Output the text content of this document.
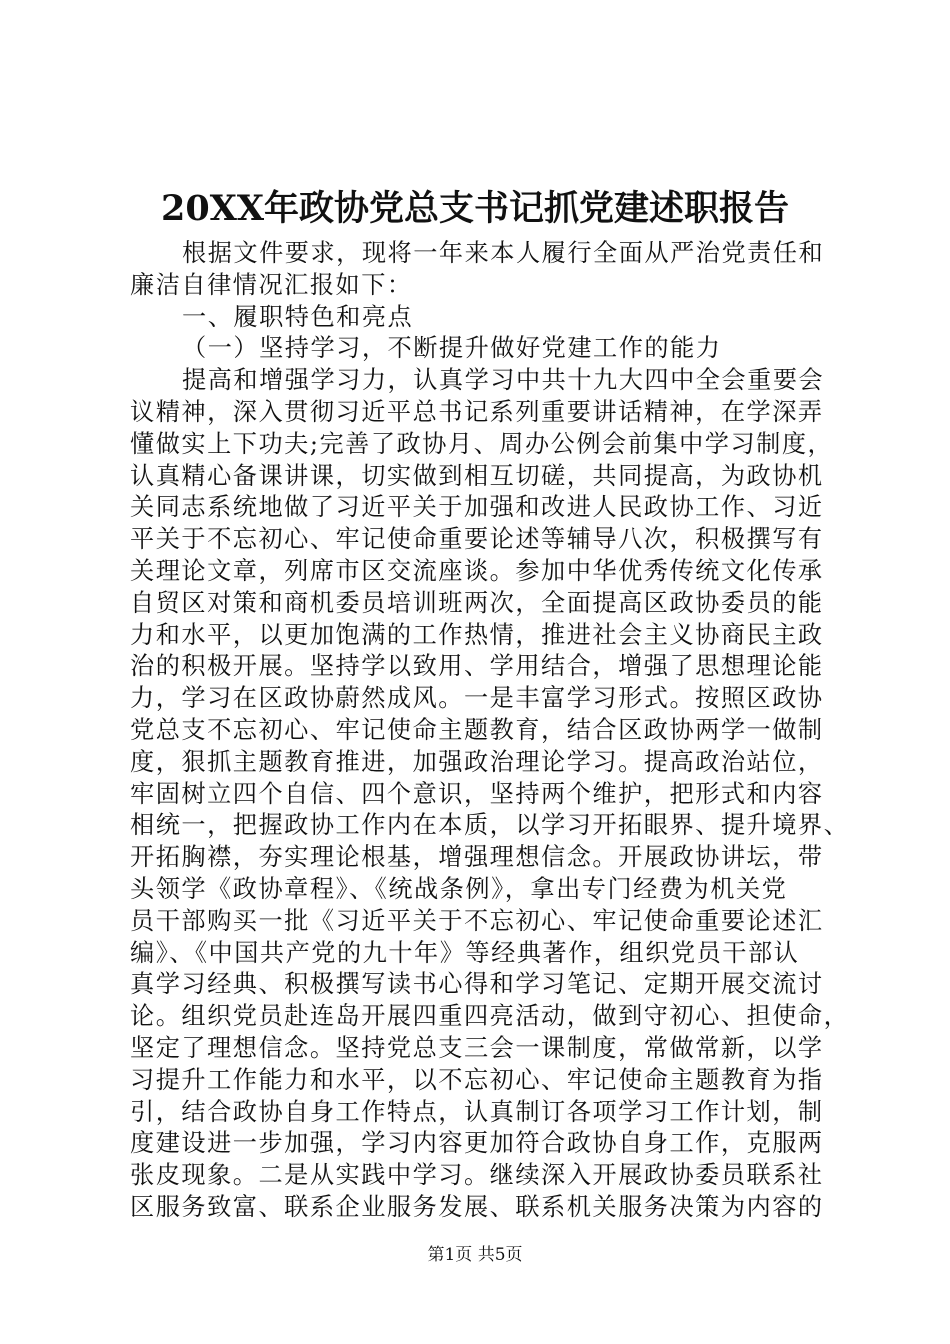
20XX年政协党总支书记抓党建述职报告
根据文件要求，现将一年来本人履行全面从严治党责任和
廉洁自律情况汇报如下：
一、履职特色和亮点
（一）坚持学习，不断提升做好党建工作的能力
提高和增强学习力，认真学习中共十九大四中全会重要会
议精神，深入贯彻习近平总书记系列重要讲话精神，在学深弄
懂做实上下功夫;完善了政协月、周办公例会前集中学习制度，
认真精心备课讲课，切实做到相互切磋，共同提高，为政协机
关同志系统地做了习近平关于加强和改进人民政协工作、习近
平关于不忘初心、牢记使命重要论述等辅导八次，积极撰写有
关理论文章，列席市区交流座谈。参加中华优秀传统文化传承
自贸区对策和商机委员培训班两次，全面提高区政协委员的能
力和水平，以更加饱满的工作热情，推进社会主义协商民主政
治的积极开展。坚持学以致用、学用结合，增强了思想理论能
力，学习在区政协蔚然成风。一是丰富学习形式。按照区政协
党总支不忘初心、牢记使命主题教育，结合区政协两学一做制
度，狠抓主题教育推进，加强政治理论学习。提高政治站位，
牢固树立四个自信、四个意识，坚持两个维护，把形式和内容
相统一，把握政协工作内在本质，以学习开拓眼界、提升境界、
开拓胸襟，夯实理论根基，增强理想信念。开展政协讲坛，带
头领学《政协章程》、《统战条例》，拿出专门经费为机关党
员干部购买一批《习近平关于不忘初心、牢记使命重要论述汇
编》、《中国共产党的九十年》等经典著作，组织党员干部认
真学习经典、积极撰写读书心得和学习笔记、定期开展交流讨
论。组织党员赴连岛开展四重四亮活动，做到守初心、担使命，
坚定了理想信念。坚持党总支三会一课制度，常做常新，以学
习提升工作能力和水平，以不忘初心、牢记使命主题教育为指
引，结合政协自身工作特点，认真制订各项学习工作计划，制
度建设进一步加强，学习内容更加符合政协自身工作，克服两
张皮现象。二是从实践中学习。继续深入开展政协委员联系社
区服务致富、联系企业服务发展、联系机关服务决策为内容的
第1页 共5页
